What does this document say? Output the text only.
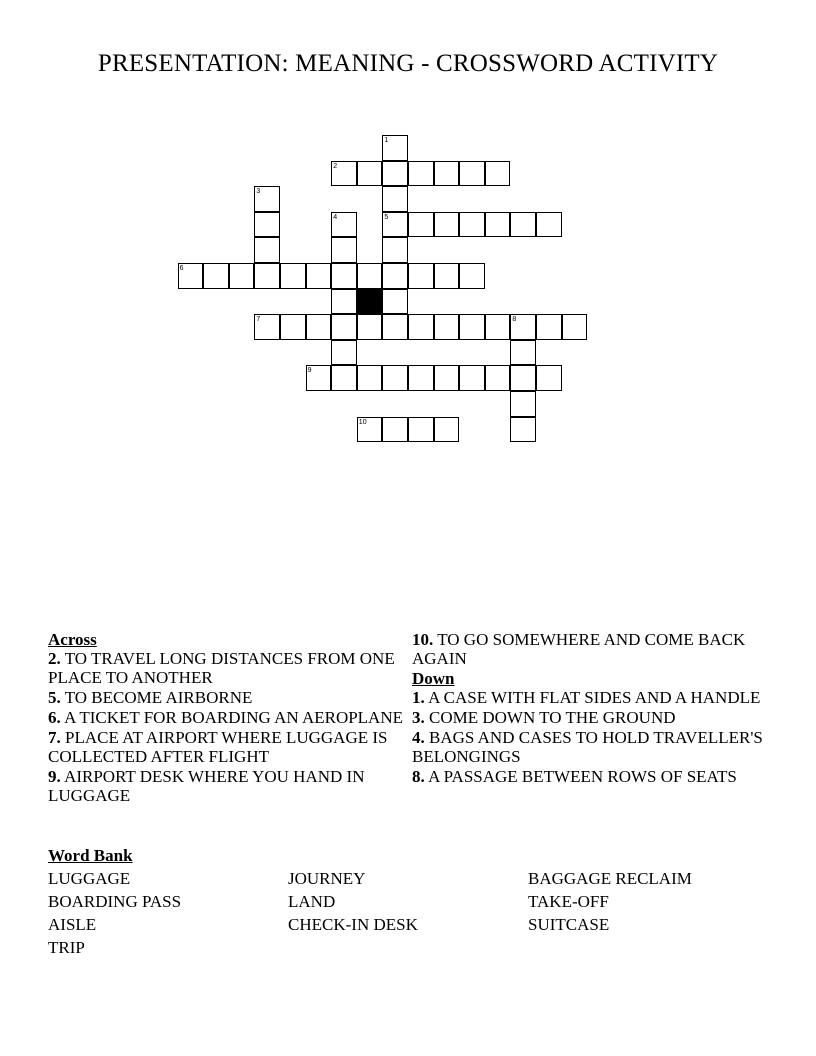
PRESENTATION: MEANING - CROSSWORD ACTIVITY
1
2
3
4	5
6
7	8
9
10
Across
2. TO TRAVEL LONG DISTANCES FROM ONE PLACE TO ANOTHER
5. TO BECOME AIRBORNE
6. A TICKET FOR BOARDING AN AEROPLANE
7. PLACE AT AIRPORT WHERE LUGGAGE IS COLLECTED AFTER FLIGHT
9. AIRPORT DESK WHERE YOU HAND IN LUGGAGE
10. TO GO SOMEWHERE AND COME BACK AGAIN
Down
1. A CASE WITH FLAT SIDES AND A HANDLE
3. COME DOWN TO THE GROUND
4. BAGS AND CASES TO HOLD TRAVELLER'S BELONGINGS
8. A PASSAGE BETWEEN ROWS OF SEATS
Word Bank
LUGGAGE	JOURNEY	BAGGAGE RECLAIM
BOARDING PASS	LAND	TAKE-OFF
AISLE	CHECK-IN DESK	SUITCASE
TRIP
